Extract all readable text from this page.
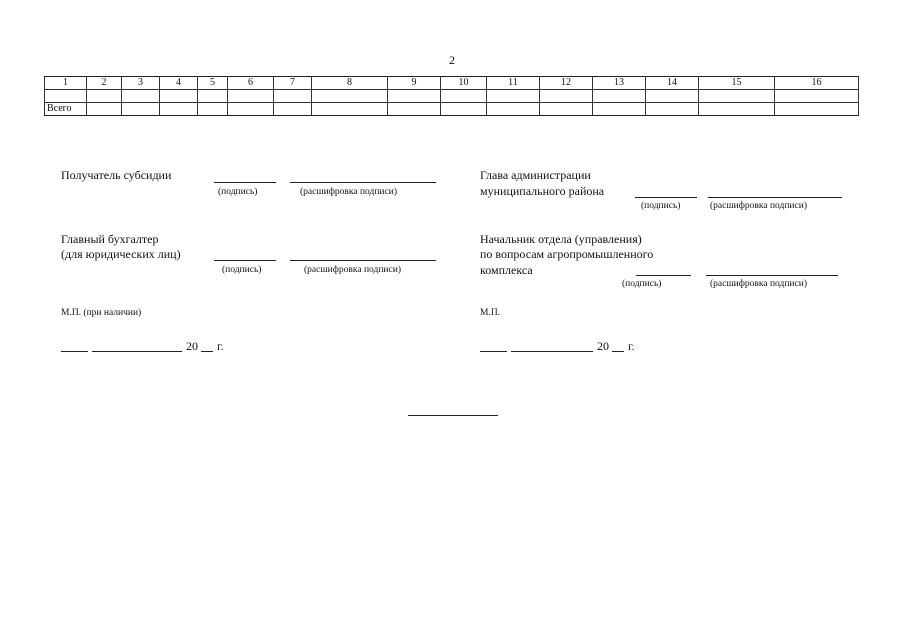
2
1	2	3	4	5	6	7	8	9	10	11	12	13	14	15	16

Всего															
Получатель субсидии
(подпись)	(расшифровка подписи)
Главный бухгалтер
(для юридических лиц)
(подпись)	(расшифровка подписи)
Глава администрации
муниципального района
(подпись)	(расшифровка подписи)
Начальник отдела (управления)
по вопросам агропромышленного
комплекса
(подпись)	(расшифровка подписи)
М.П. (при наличии)	М.П.
20 г.	20 г.
